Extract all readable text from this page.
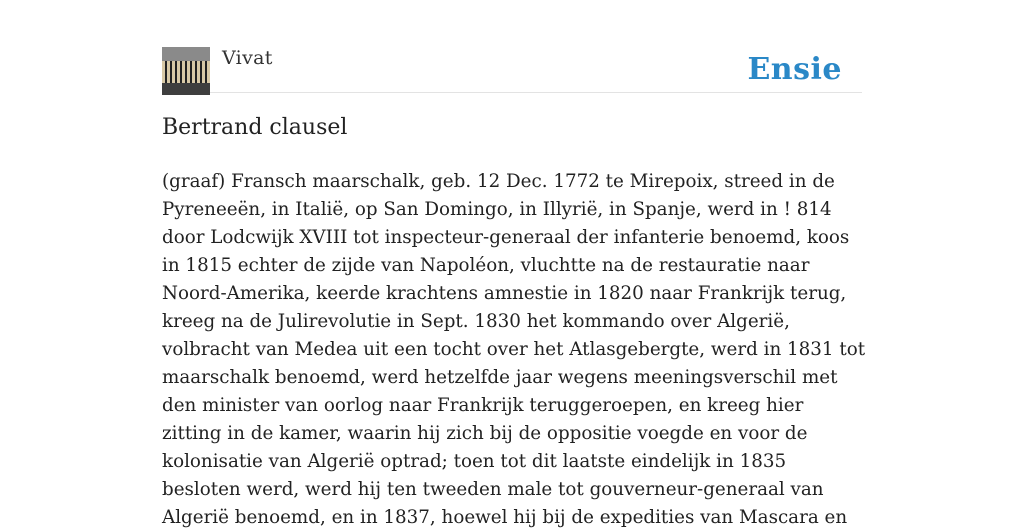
Vivat	Ensie
Bertrand clausel

(graaf) Fransch maarschalk, geb. 12 Dec. 1772 te Mirepoix, streed in de Pyreneeën, in Italië, op San Domingo, in Illyrië, in Spanje, werd in ! 814 door Lodcwijk XVIII tot inspecteur-generaal der infanterie benoemd, koos in 1815 echter de zijde van Napoléon, vluchtte na de restauratie naar Noord-Amerika, keerde krachtens amnestie in 1820 naar Frankrijk terug, kreeg na de Julirevolutie in Sept. 1830 het kommando over Algerië, volbracht van Medea uit een tocht over het Atlasgebergte, werd in 1831 tot maarschalk benoemd, werd hetzelfde jaar wegens meeningsverschil met den minister van oorlog naar Frankrijk teruggeroepen, en kreeg hier zitting in de kamer, waarin hij zich bij de oppositie voegde en voor de kolonisatie van Algerië optrad; toen tot dit laatste eindelijk in 1835 besloten werd, werd hij ten tweeden male tot gouverneur-generaal van Algerië benoemd, en in 1837, hoewel hij bij de expedities van Mascara en
